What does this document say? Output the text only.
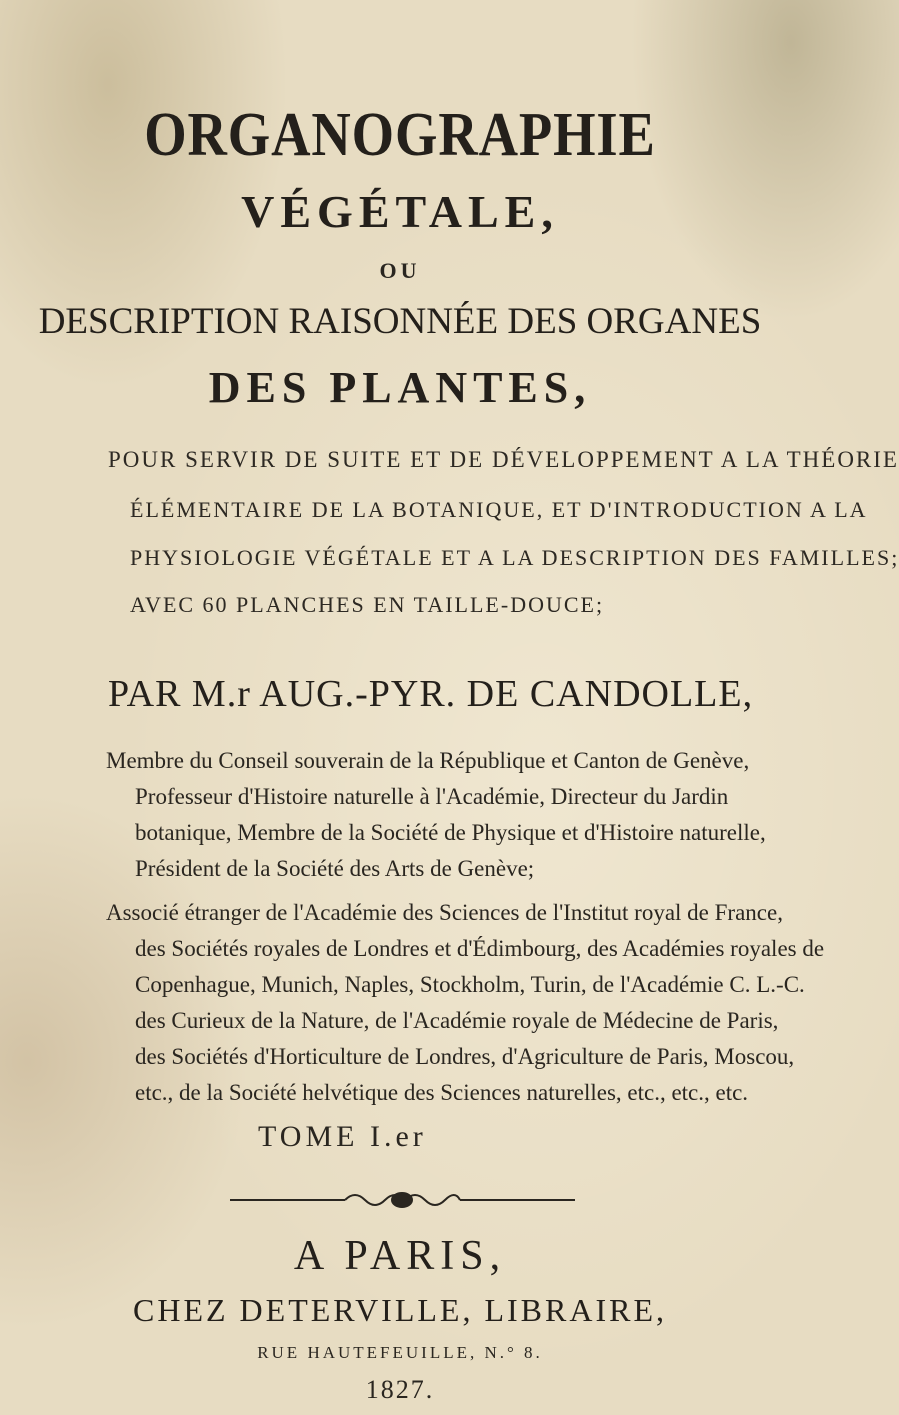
ORGANOGRAPHIE
VÉGÉTALE,
OU
DESCRIPTION RAISONNÉE DES ORGANES
DES PLANTES,
POUR SERVIR DE SUITE ET DE DÉVELOPPEMENT A LA THÉORIE
ÉLÉMENTAIRE DE LA BOTANIQUE, ET D'INTRODUCTION A LA
PHYSIOLOGIE VÉGÉTALE ET A LA DESCRIPTION DES FAMILLES;
AVEC 60 PLANCHES EN TAILLE-DOUCE;
PAR M.r AUG.-PYR. DE CANDOLLE,
Membre du Conseil souverain de la République et Canton de Genève,
Professeur d'Histoire naturelle à l'Académie, Directeur du Jardin
botanique, Membre de la Société de Physique et d'Histoire naturelle,
Président de la Société des Arts de Genève;
Associé étranger de l'Académie des Sciences de l'Institut royal de France,
des Sociétés royales de Londres et d'Édimbourg, des Académies royales de
Copenhague, Munich, Naples, Stockholm, Turin, de l'Académie C. L.-C.
des Curieux de la Nature, de l'Académie royale de Médecine de Paris,
des Sociétés d'Horticulture de Londres, d'Agriculture de Paris, Moscou,
etc., de la Société helvétique des Sciences naturelles, etc., etc., etc.
TOME I.er
A PARIS,
CHEZ DETERVILLE, LIBRAIRE,
RUE HAUTEFEUILLE, N.° 8.
1827.
